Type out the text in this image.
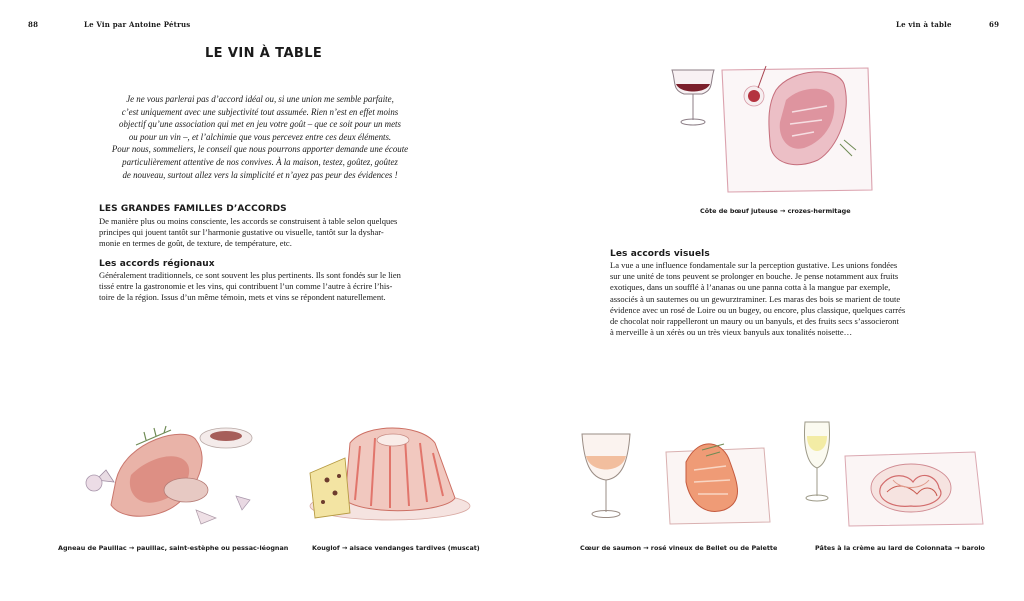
88	Le Vin par Antoine Pétrus
LE VIN À TABLE
Je ne vous parlerai pas d’accord idéal ou, si une union me semble parfaite,
c’est uniquement avec une subjectivité tout assumée. Rien n’est en effet moins
objectif qu’une association qui met en jeu votre goût – que ce soit pour un mets
ou pour un vin –, et l’alchimie que vous percevez entre ces deux éléments.
Pour nous, sommeliers, le conseil que nous pourrons apporter demande une écoute
particulièrement attentive de nos convives. À la maison, testez, goûtez, goûtez
de nouveau, surtout allez vers la simplicité et n’ayez pas peur des évidences !
LES GRANDES FAMILLES D’ACCORDS
De manière plus ou moins consciente, les accords se construisent à table selon quelques
principes qui jouent tantôt sur l’harmonie gustative ou visuelle, tantôt sur la dyshar-
monie en termes de goût, de texture, de température, etc.
Les accords régionaux
Généralement traditionnels, ce sont souvent les plus pertinents. Ils sont fondés sur le lien
tissé entre la gastronomie et les vins, qui contribuent l’un comme l’autre à écrire l’his-
toire de la région. Issus d’un même témoin, mets et vins se répondent naturellement.
Agneau de Pauillac → pauillac, saint-estèphe ou pessac-léognan	Kouglof → alsace vendanges tardives (muscat)
Le vin à table	69
Côte de bœuf juteuse → crozes-hermitage
Les accords visuels
La vue a une influence fondamentale sur la perception gustative. Les unions fondées
sur une unité de tons peuvent se prolonger en bouche. Je pense notamment aux fruits
exotiques, dans un soufflé à l’ananas ou une panna cotta à la mangue par exemple,
associés à un sauternes ou un gewurztraminer. Les maras des bois se marient de toute
évidence avec un rosé de Loire ou un bugey, ou encore, plus classique, quelques carrés
de chocolat noir rappelleront un maury ou un banyuls, et des fruits secs s’associeront
à merveille à un xérès ou un très vieux banyuls aux tonalités noisette…
Cœur de saumon → rosé vineux de Bellet ou de Palette	Pâtes à la crème au lard de Colonnata → barolo
